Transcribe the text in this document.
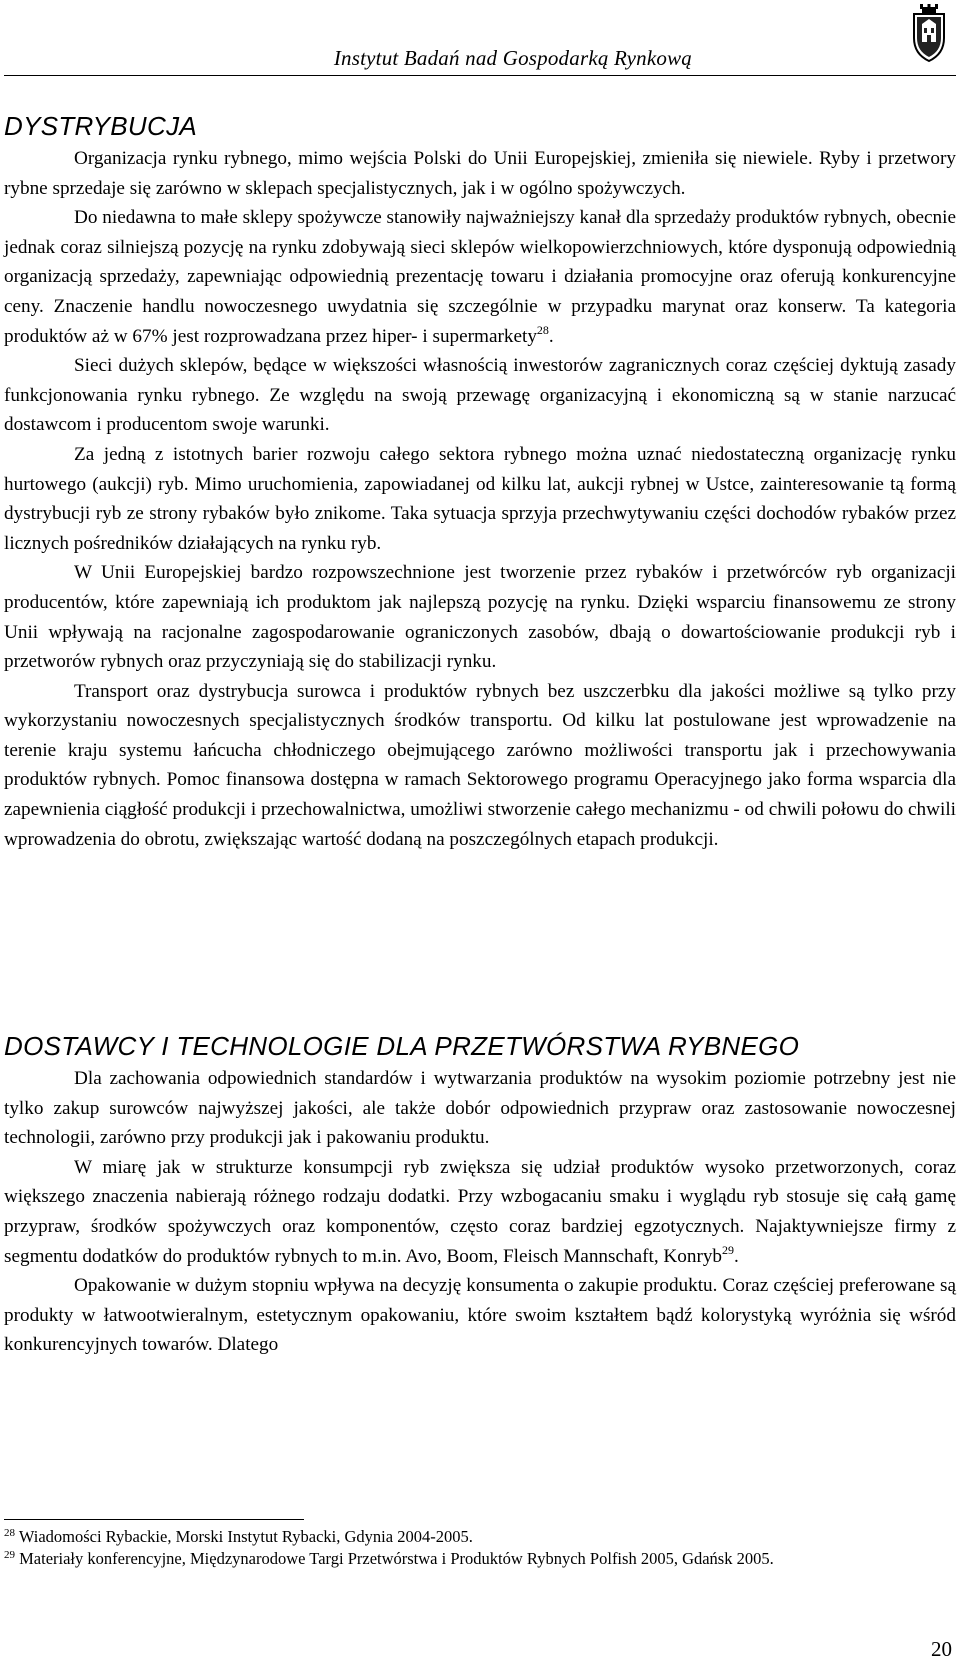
Instytut Badań nad Gospodarką Rynkową
DYSTRYBUCJA

Organizacja rynku rybnego, mimo wejścia Polski do Unii Europejskiej, zmieniła się niewiele. Ryby i przetwory rybne sprzedaje się zarówno w sklepach specjalistycznych, jak i w ogólno spożywczych.

Do niedawna to małe sklepy spożywcze stanowiły najważniejszy kanał dla sprzedaży produktów rybnych, obecnie jednak coraz silniejszą pozycję na rynku zdobywają sieci sklepów wielkopowierzchniowych, które dysponują odpowiednią organizacją sprzedaży, zapewniając odpowiednią prezentację towaru i działania promocyjne oraz oferują konkurencyjne ceny. Znaczenie handlu nowoczesnego uwydatnia się szczególnie w przypadku marynat oraz konserw. Ta kategoria produktów aż w 67% jest rozprowadzana przez hiper- i supermarkety$^{28}$.

Sieci dużych sklepów, będące w większości własnością inwestorów zagranicznych coraz częściej dyktują zasady funkcjonowania rynku rybnego. Ze względu na swoją przewagę organizacyjną i ekonomiczną są w stanie narzucać dostawcom i producentom swoje warunki.

Za jedną z istotnych barier rozwoju całego sektora rybnego można uznać niedostateczną organizację rynku hurtowego (aukcji) ryb. Mimo uruchomienia, zapowiadanej od kilku lat, aukcji rybnej w Ustce, zainteresowanie tą formą dystrybucji ryb ze strony rybaków było znikome. Taka sytuacja sprzyja przechwytywaniu części dochodów rybaków przez licznych pośredników działających na rynku ryb.

W Unii Europejskiej bardzo rozpowszechnione jest tworzenie przez rybaków i przetwórców ryb organizacji producentów, które zapewniają ich produktom jak najlepszą pozycję na rynku. Dzięki wsparciu finansowemu ze strony Unii wpływają na racjonalne zagospodarowanie ograniczonych zasobów, dbają o dowartościowanie produkcji ryb i przetworów rybnych oraz przyczyniają się do stabilizacji rynku.

Transport oraz dystrybucja surowca i produktów rybnych bez uszczerbku dla jakości możliwe są tylko przy wykorzystaniu nowoczesnych specjalistycznych środków transportu. Od kilku lat postulowane jest wprowadzenie na terenie kraju systemu łańcucha chłodniczego obejmującego zarówno możliwości transportu jak i przechowywania produktów rybnych. Pomoc finansowa dostępna w ramach Sektorowego programu Operacyjnego jako forma wsparcia dla zapewnienia ciągłość produkcji i przechowalnictwa, umożliwi stworzenie całego mechanizmu - od chwili połowu do chwili wprowadzenia do obrotu, zwiększając wartość dodaną na poszczególnych etapach produkcji.

DOSTAWCY I TECHNOLOGIE DLA PRZETWÓRSTWA RYBNEGO

Dla zachowania odpowiednich standardów i wytwarzania produktów na wysokim poziomie potrzebny jest nie tylko zakup surowców najwyższej jakości, ale także dobór odpowiednich przypraw oraz zastosowanie nowoczesnej technologii, zarówno przy produkcji jak i pakowaniu produktu.

W miarę jak w strukturze konsumpcji ryb zwiększa się udział produktów wysoko przetworzonych, coraz większego znaczenia nabierają różnego rodzaju dodatki. Przy wzbogacaniu smaku i wyglądu ryb stosuje się całą gamę przypraw, środków spożywczych oraz komponentów, często coraz bardziej egzotycznych. Najaktywniejsze firmy z segmentu dodatków do produktów rybnych to m.in. Avo, Boom, Fleisch Mannschaft, Konryb$^{29}$.

Opakowanie w dużym stopniu wpływa na decyzję konsumenta o zakupie produktu. Coraz częściej preferowane są produkty w łatwootwieralnym, estetycznym opakowaniu, które swoim kształtem bądź kolorystyką wyróżnia się wśród konkurencyjnych towarów. Dlatego

$^{28}$ Wiadomości Rybackie, Morski Instytut Rybacki, Gdynia 2004-2005.
$^{29}$ Materiały konferencyjne, Międzynarodowe Targi Przetwórstwa i Produktów Rybnych Polfish 2005, Gdańsk 2005.
20
